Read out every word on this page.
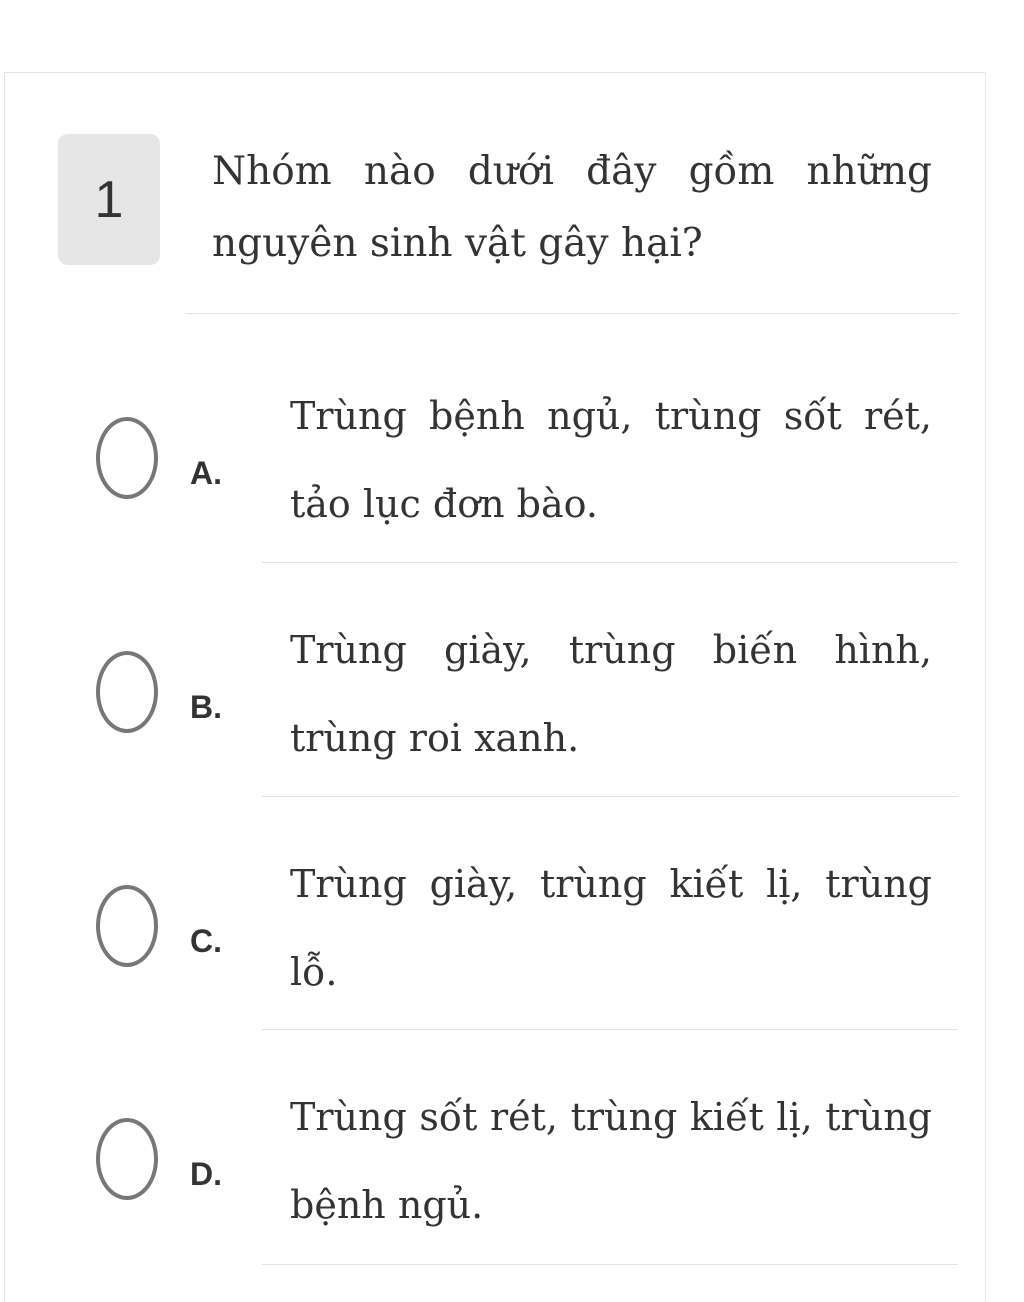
1 Nhóm nào dưới đây gồm những nguyên sinh vật gây hại?
A.
Trùng bệnh ngủ, trùng sốt rét, tảo lục đơn bào.
B.
Trùng giày, trùng biến hình, trùng roi xanh.
C.
Trùng giày, trùng kiết lị, trùng lỗ.
D.
Trùng sốt rét, trùng kiết lị, trùng bệnh ngủ.
